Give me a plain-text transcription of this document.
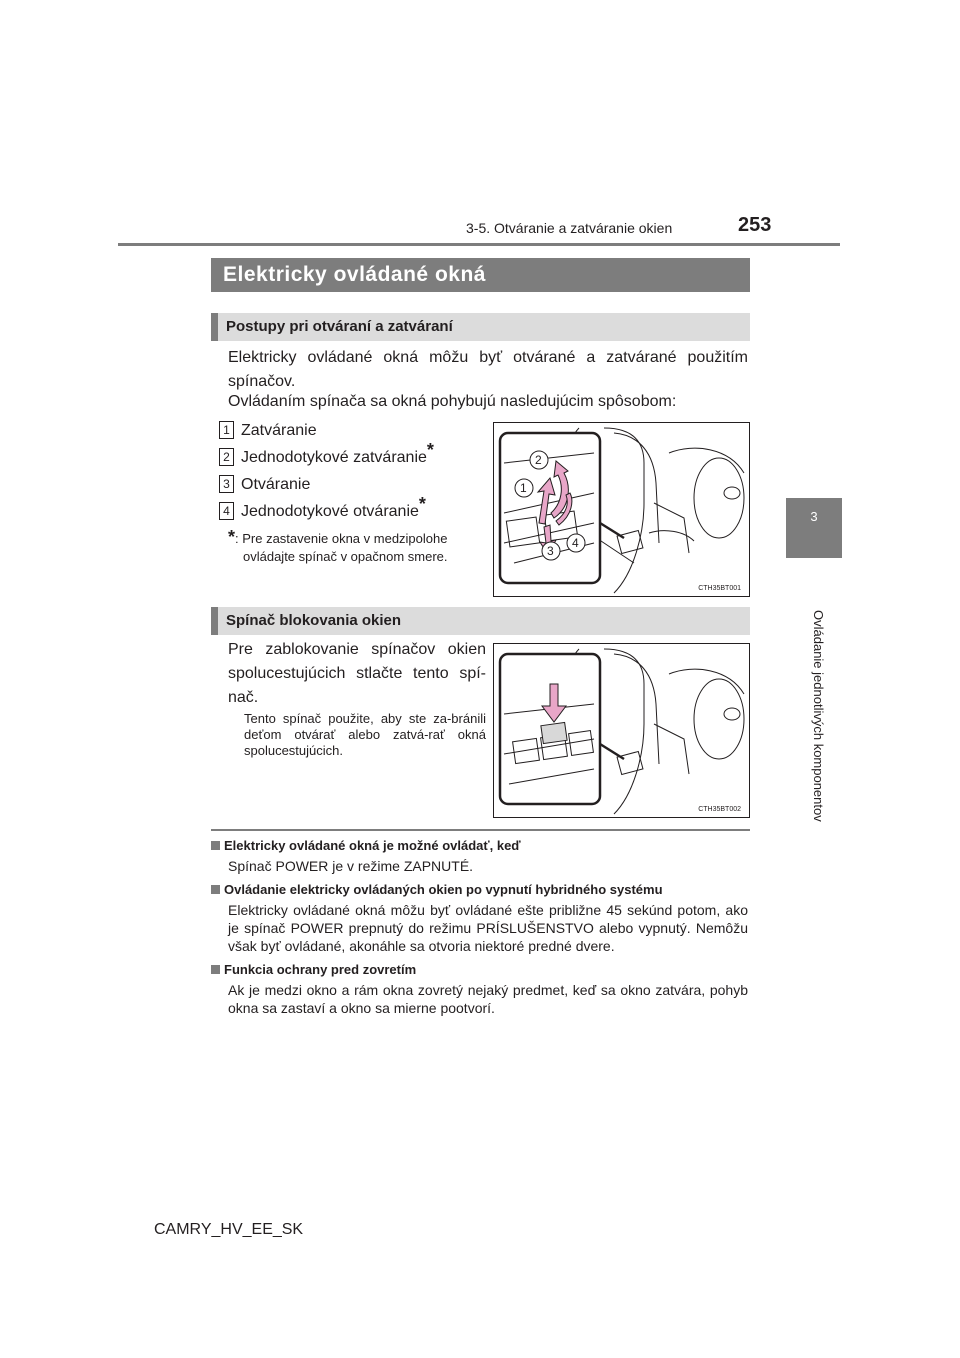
3-5. Otváranie a zatváranie okien	253
3
Ovládanie jednotlivých komponentov
Elektricky ovládané okná
Postupy pri otváraní a zatváraní
Elektricky ovládané okná môžu byť otvárané a zatvárané použitím spínačov.
Ovládaním spínača sa okná pohybujú nasledujúcim spôsobom:
1 Zatváranie
2 Jednodotykové zatváranie*
3 Otváranie
4 Jednodotykové otváranie*
*: Pre zastavenie okna v medzipolohe
ovládajte spínač v opačnom smere.
2
1
3
4
CTH35BT001
Spínač blokovania okien
Pre zablokovanie spínačov okien spolucestujúcich stlačte tento spí-nač.
Tento spínač použite, aby ste za-bránili deťom otvárať alebo zatvá-rať okná spolucestujúcich.
CTH35BT002
Elektricky ovládané okná je možné ovládať, keď
Spínač POWER je v režime ZAPNUTÉ.
Ovládanie elektricky ovládaných okien po vypnutí hybridného systému
Elektricky ovládané okná môžu byť ovládané ešte približne 45 sekúnd potom, ako je spínač POWER prepnutý do režimu PRÍSLUŠENSTVO alebo vypnutý. Nemôžu však byť ovládané, akonáhle sa otvoria niektoré predné dvere.
Funkcia ochrany pred zovretím
Ak je medzi okno a rám okna zovretý nejaký predmet, keď sa okno zatvára, pohyb okna sa zastaví a okno sa mierne pootvorí.
CAMRY_HV_EE_SK
